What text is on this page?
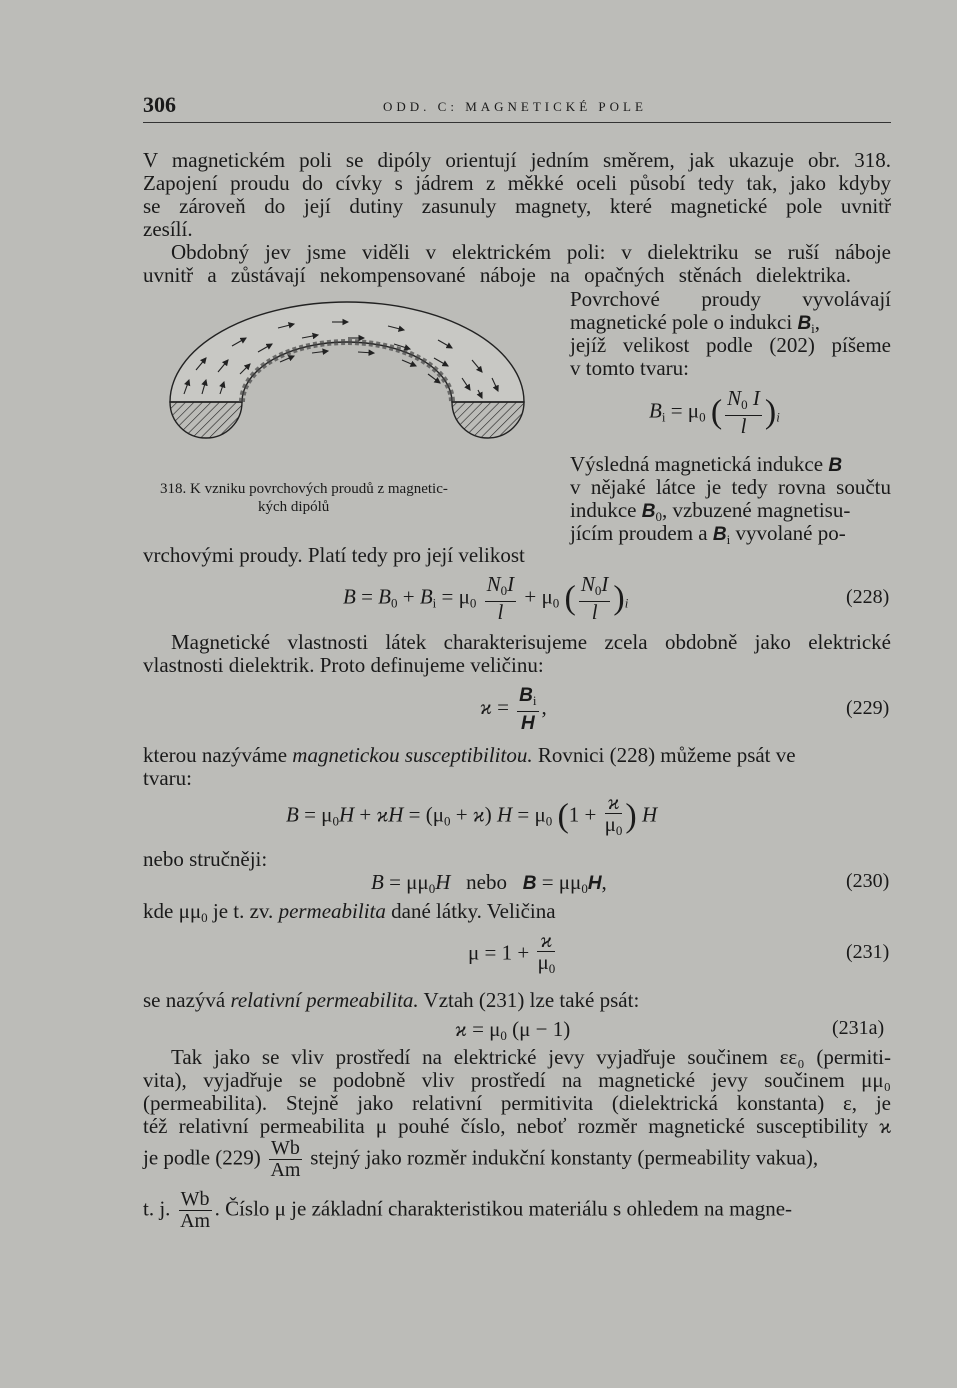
306	ODD. C: MAGNETICKÉ POLE
V magnetickém poli se dipóly orientují jedním směrem, jak ukazuje obr. 318.
Zapojení proudu do cívky s jádrem z měkké oceli působí tedy tak, jako kdyby
se zároveň do její dutiny zasunuly magnety, které magnetické pole uvnitř
zesílí.
Obdobný jev jsme viděli v elektrickém poli: v dielektriku se ruší náboje
uvnitř a zůstávají nekompensované náboje na opačných stěnách dielektrika.
318. K vzniku povrchových proudů z magnetic-
kých dipólů
Povrchové proudy vyvolávají
magnetické pole o indukci $B_i$,
jejíž velikost podle (202) píšeme
v tomto tvaru:
$B_i = \mu_0$ ( $\frac{N_0 I}{l} )_i$
Výsledná magnetická indukce B
v nějaké látce je tedy rovna součtu
indukce $B_0$, vzbuzené magnetisu-
jícím proudem a $B_i$ vyvolané po-
vrchovými proudy. Platí tedy pro její velikost
$B = B_0 + B_i = \mu_0 \frac{N_0I}{l} + \mu_0$ ( $\frac{N_0I}{l} )_i$	(228)
Magnetické vlastnosti látek charakterisujeme zcela obdobně jako elektrické
vlastnosti dielektrik. Proto definujeme veličinu:
$ϰ = \frac{B_i}{H}$ ,	(229)
kterou nazýváme magnetickou susceptibilitou. Rovnici (228) můžeme psát ve
tvaru:
$B = \mu_0H + ϰH = (\mu_0 + ϰ) H = \mu_0$ ($1 + \frac{ϰ}{\mu_0}$ ) H
nebo stručněji:
$B = \mu\mu_0H$ nebo $B = \mu\mu_0H$,	(230)
kde $\mu\mu_0$ je t. zv. permeabilita dané látky. Veličina
$\mu = 1 + \frac{ϰ}{\mu_0}$	(231)
se nazývá relativní permeabilita. Vztah (231) lze také psát:
$ϰ = \mu_0$ (μ − 1)	(231a)
Tak jako se vliv prostředí na elektrické jevy vyjadřuje součinem εε₀ (permiti-
vita), vyjadřuje se podobně vliv prostředí na magnetické jevy součinem μμ₀
(permeabilita). Stejně jako relativní permitivita (dielektrická konstanta) ε, je
též relativní permeabilita μ pouhé číslo, neboť rozměr magnetické susceptibility ϰ
je podle $(229) \frac{Wb}{Am}$ stejný jako rozměr indukční konstanty (permeability vakua),
t. j. $\frac{Wb}{Am}$ . Číslo μ je základní charakteristikou materiálu s ohledem na magne-
